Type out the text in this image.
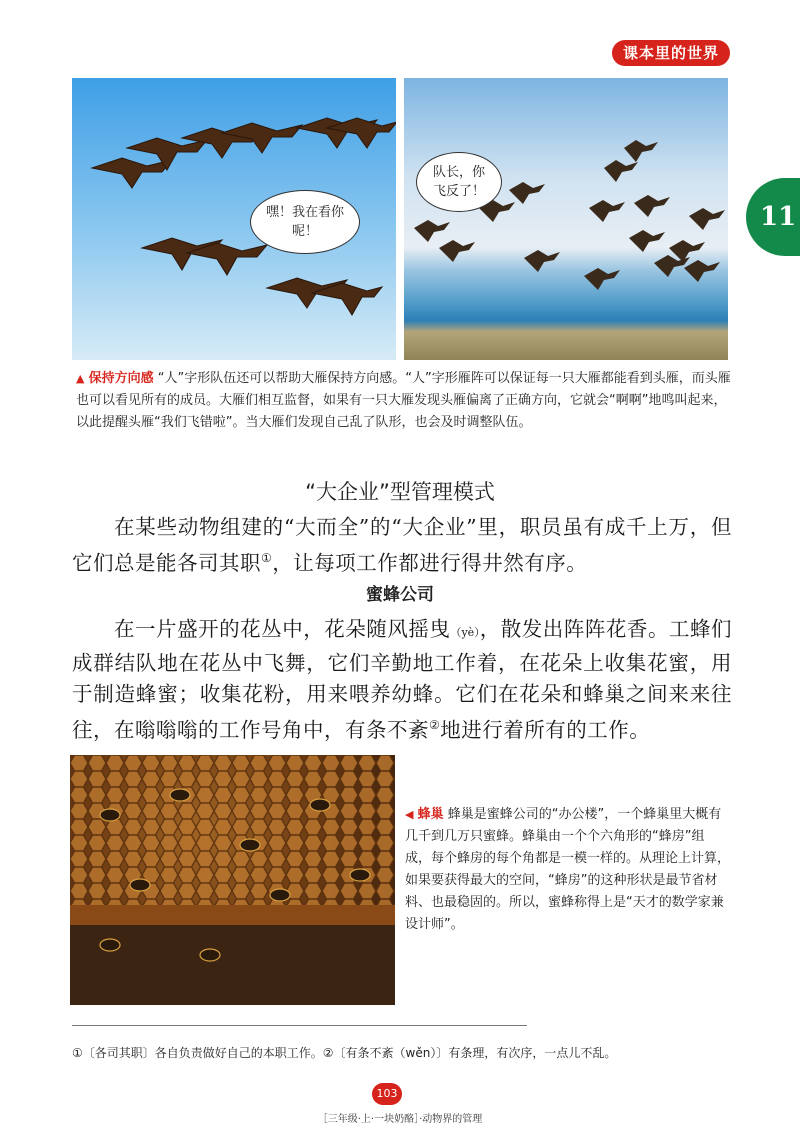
课本里的世界
11
嘿！我在看你呢！
队长，你飞反了！
▲ 保持方向感 “人”字形队伍还可以帮助大雁保持方向感。“人”字形雁阵可以保证每一只大雁都能看到头雁，而头雁也可以看见所有的成员。大雁们相互监督，如果有一只大雁发现头雁偏离了正确方向，它就会“啊啊”地鸣叫起来，以此提醒头雁“我们飞错啦”。当大雁们发现自己乱了队形，也会及时调整队伍。
“大企业”型管理模式
在某些动物组建的“大而全”的“大企业”里，职员虽有成千上万，但它们总是能各司其职①，让每项工作都进行得井然有序。
蜜蜂公司
在一片盛开的花丛中，花朵随风摇曳（yè），散发出阵阵花香。工蜂们成群结队地在花丛中飞舞，它们辛勤地工作着，在花朵上收集花蜜，用于制造蜂蜜；收集花粉，用来喂养幼蜂。它们在花朵和蜂巢之间来来往往，在嗡嗡嗡的工作号角中，有条不紊②地进行着所有的工作。
◀ 蜂巢 蜂巢是蜜蜂公司的“办公楼”，一个蜂巢里大概有几千到几万只蜜蜂。蜂巢由一个个六角形的“蜂房”组成，每个蜂房的每个角都是一模一样的。从理论上计算，如果要获得最大的空间，“蜂房”的这种形状是最节省材料、也最稳固的。所以，蜜蜂称得上是“天才的数学家兼设计师”。
①〔各司其职〕各自负责做好自己的本职工作。②〔有条不紊（wěn）〕有条理，有次序，一点儿不乱。
103
［三年级·上·一块奶酪］·动物界的管理
